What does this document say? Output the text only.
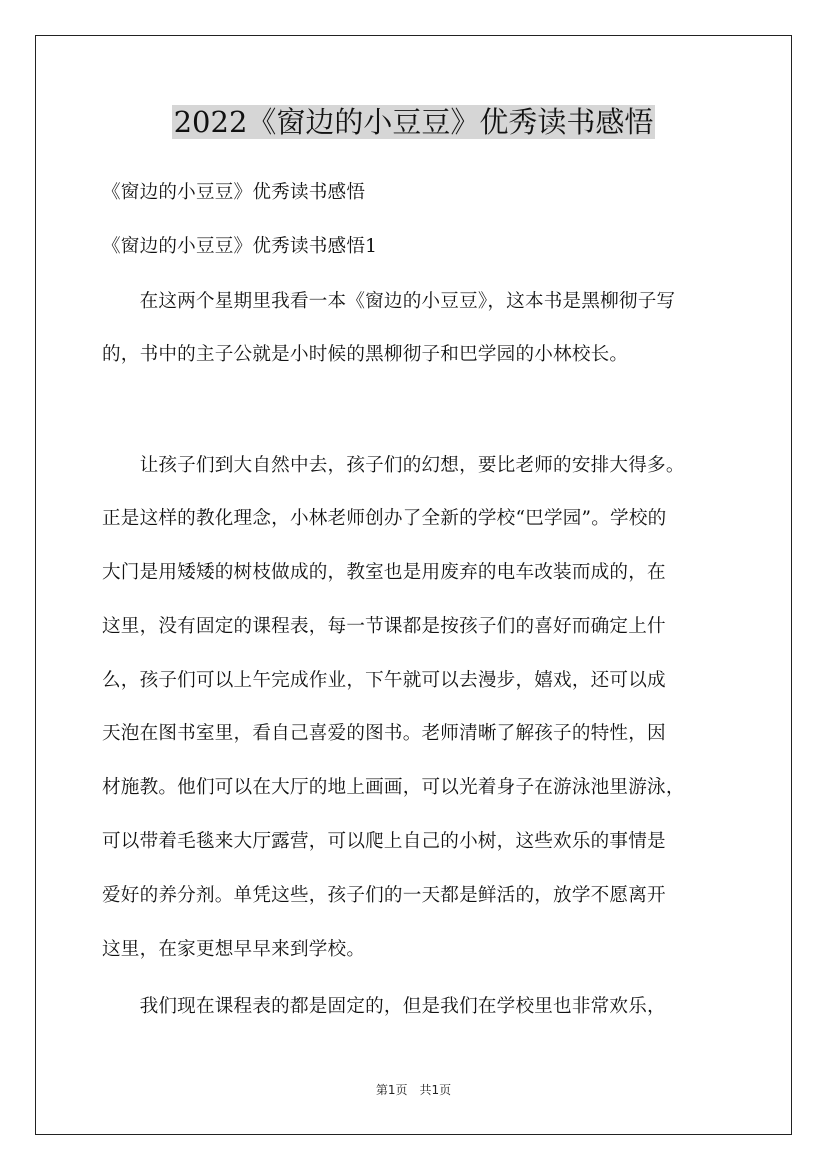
2022《窗边的小豆豆》优秀读书感悟
《窗边的小豆豆》优秀读书感悟
《窗边的小豆豆》优秀读书感悟1
　　在这两个星期里我看一本《窗边的小豆豆》，这本书是黑柳彻子写
的，书中的主子公就是小时候的黑柳彻子和巴学园的小林校长。
　　让孩子们到大自然中去，孩子们的幻想，要比老师的安排大得多。
正是这样的教化理念，小林老师创办了全新的学校“巴学园”。学校的
大门是用矮矮的树枝做成的，教室也是用废弃的电车改装而成的，在
这里，没有固定的课程表，每一节课都是按孩子们的喜好而确定上什
么，孩子们可以上午完成作业，下午就可以去漫步，嬉戏，还可以成
天泡在图书室里，看自己喜爱的图书。老师清晰了解孩子的特性，因
材施教。他们可以在大厅的地上画画，可以光着身子在游泳池里游泳，
可以带着毛毯来大厅露营，可以爬上自己的小树，这些欢乐的事情是
爱好的养分剂。单凭这些，孩子们的一天都是鲜活的，放学不愿离开
这里，在家更想早早来到学校。
　　我们现在课程表的都是固定的，但是我们在学校里也非常欢乐，
第1页　共1页
